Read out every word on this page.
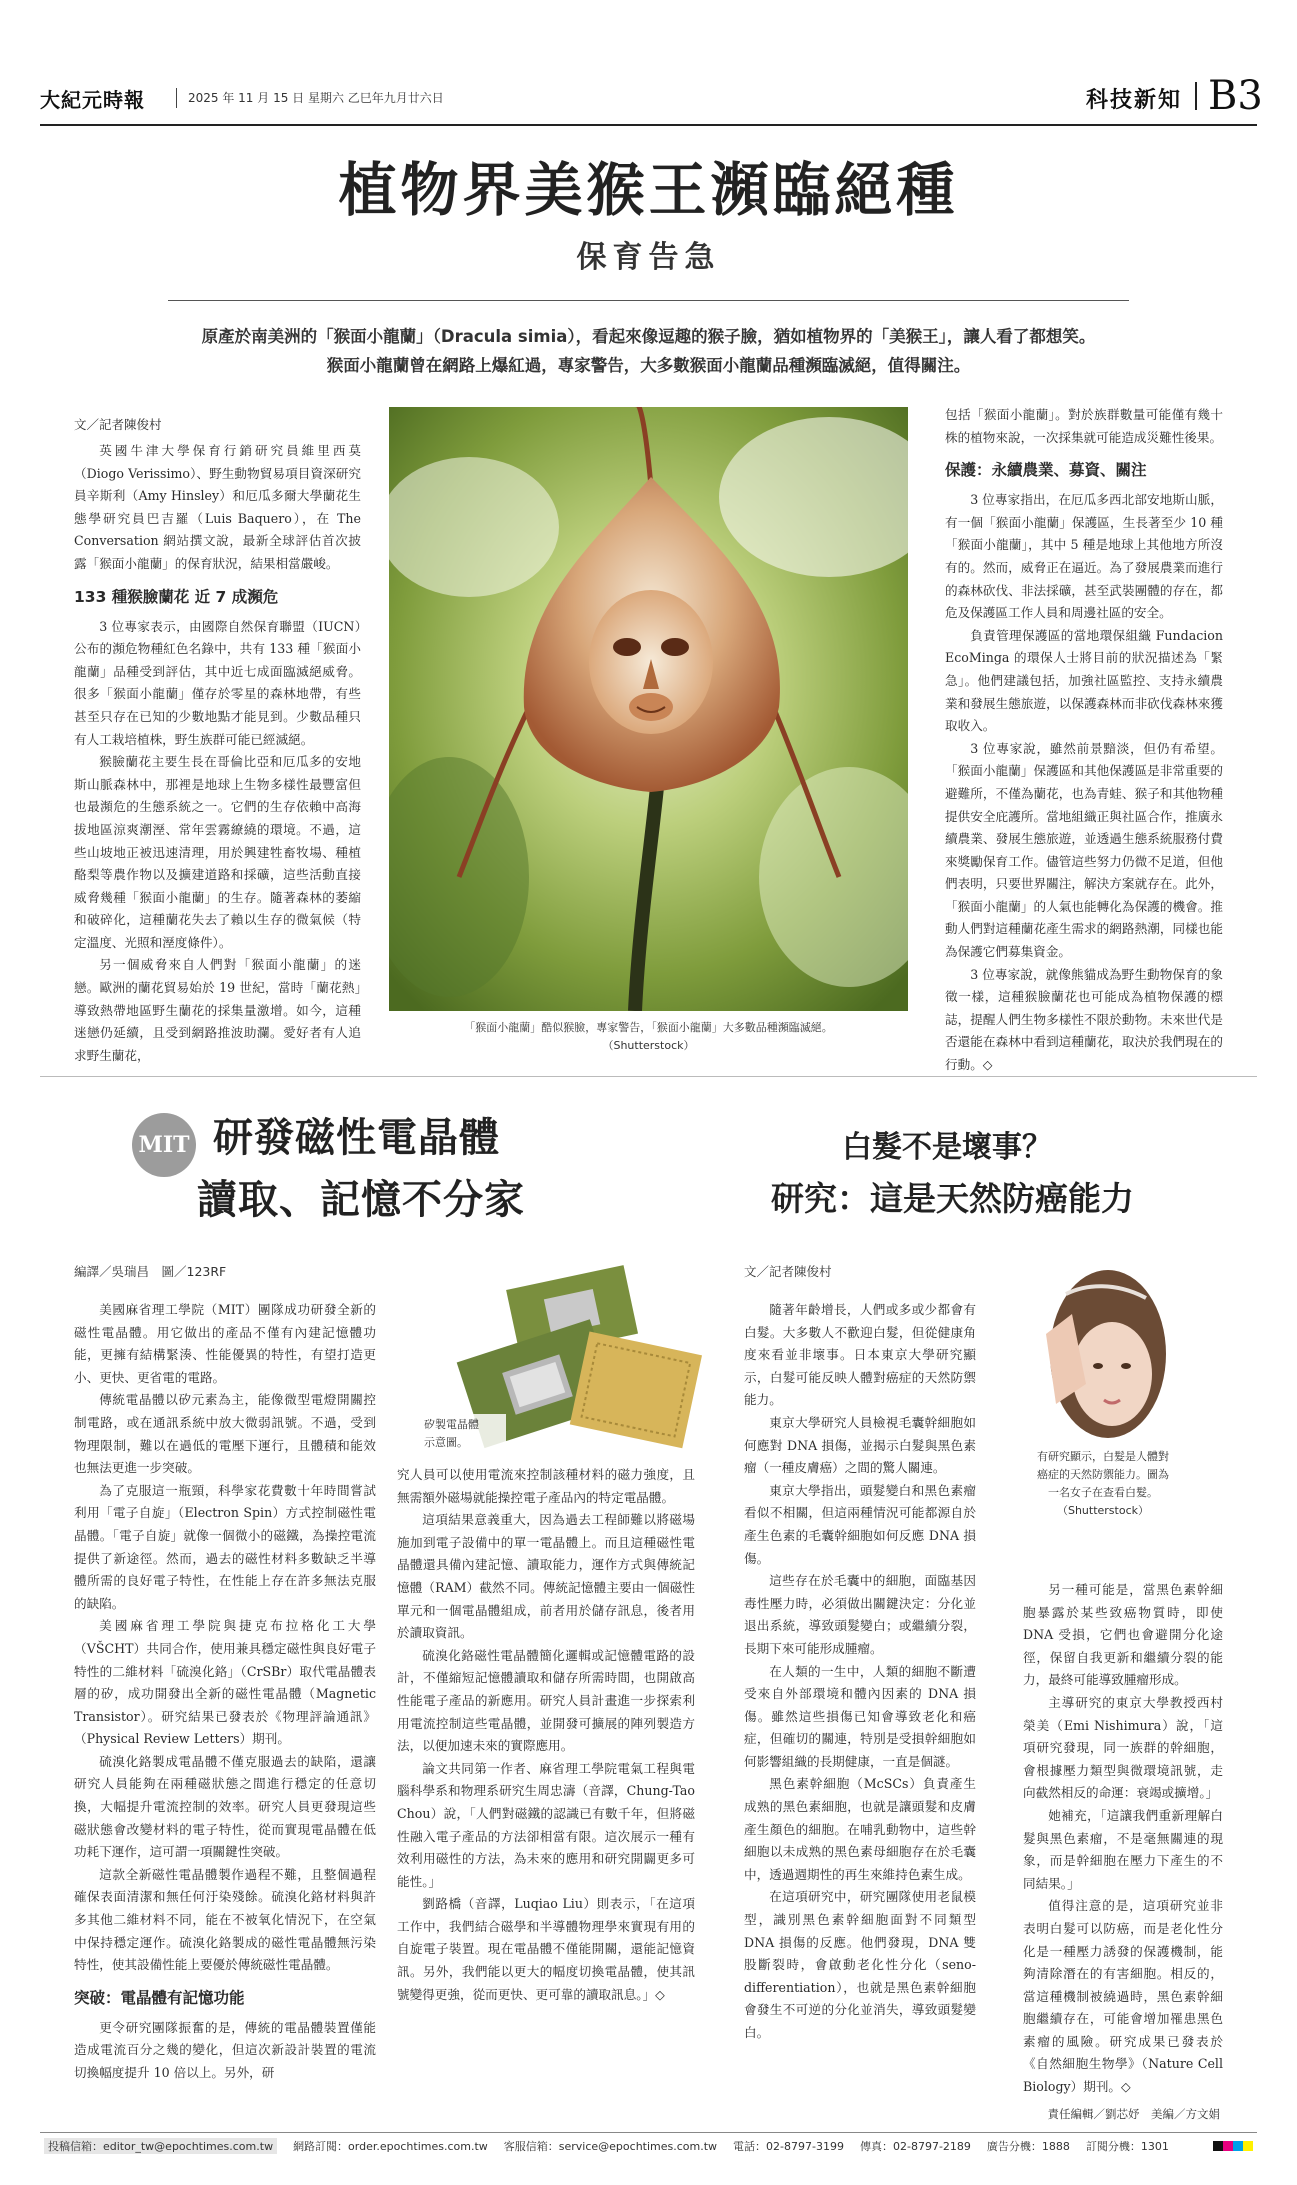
大紀元時報	2025 年 11 月 15 日 星期六 乙巳年九月廿六日	科技新知 B3
植物界美猴王瀕臨絕種
保育告急
原產於南美洲的「猴面小龍蘭」（Dracula simia），看起來像逗趣的猴子臉，猶如植物界的「美猴王」，讓人看了都想笑。
猴面小龍蘭曾在網路上爆紅過，專家警告，大多數猴面小龍蘭品種瀕臨滅絕，值得關注。
文／記者陳俊村

英國牛津大學保育行銷研究員維里西莫（Diogo Verissimo）、野生動物貿易項目資深研究員辛斯利（Amy Hinsley）和厄瓜多爾大學蘭花生態學研究員巴吉羅（Luis Baquero），在 The Conversation 網站撰文說，最新全球評估首次披露「猴面小龍蘭」的保育狀況，結果相當嚴峻。

133 種猴臉蘭花 近 7 成瀕危

3 位專家表示，由國際自然保育聯盟（IUCN）公布的瀕危物種紅色名錄中，共有 133 種「猴面小龍蘭」品種受到評估，其中近七成面臨滅絕威脅。很多「猴面小龍蘭」僅存於零星的森林地帶，有些甚至只存在已知的少數地點才能見到。少數品種只有人工栽培植株，野生族群可能已經滅絕。

猴臉蘭花主要生長在哥倫比亞和厄瓜多的安地斯山脈森林中，那裡是地球上生物多樣性最豐富但也最瀕危的生態系統之一。它們的生存依賴中高海拔地區涼爽潮溼、常年雲霧繚繞的環境。不過，這些山坡地正被迅速清理，用於興建牲畜牧場、種植酪梨等農作物以及擴建道路和採礦，這些活動直接威脅幾種「猴面小龍蘭」的生存。隨著森林的萎縮和破碎化，這種蘭花失去了賴以生存的微氣候（特定溫度、光照和溼度條件）。

另一個威脅來自人們對「猴面小龍蘭」的迷戀。歐洲的蘭花貿易始於 19 世紀，當時「蘭花熱」導致熱帶地區野生蘭花的採集量激增。如今，這種迷戀仍延續，且受到網路推波助瀾。愛好者有人追求野生蘭花，

「猴面小龍蘭」酷似猴臉，專家警告，「猴面小龍蘭」大多數品種瀕臨滅絕。
（Shutterstock）

包括「猴面小龍蘭」。對於族群數量可能僅有幾十株的植物來說，一次採集就可能造成災難性後果。

保護：永續農業、募資、關注

3 位專家指出，在厄瓜多西北部安地斯山脈，有一個「猴面小龍蘭」保護區，生長著至少 10 種「猴面小龍蘭」，其中 5 種是地球上其他地方所沒有的。然而，威脅正在逼近。為了發展農業而進行的森林砍伐、非法採礦，甚至武裝團體的存在，都危及保護區工作人員和周邊社區的安全。

負責管理保護區的當地環保組織 Fundacion EcoMinga 的環保人士將目前的狀況描述為「緊急」。他們建議包括，加強社區監控、支持永續農業和發展生態旅遊，以保護森林而非砍伐森林來獲取收入。

3 位專家說，雖然前景黯淡，但仍有希望。「猴面小龍蘭」保護區和其他保護區是非常重要的避難所，不僅為蘭花，也為青蛙、猴子和其他物種提供安全庇護所。當地組織正與社區合作，推廣永續農業、發展生態旅遊，並透過生態系統服務付費來獎勵保育工作。儘管這些努力仍微不足道，但他們表明，只要世界關注，解決方案就存在。此外，「猴面小龍蘭」的人氣也能轉化為保護的機會。推動人們對這種蘭花產生需求的網路熱潮，同樣也能為保護它們募集資金。

3 位專家說，就像熊貓成為野生動物保育的象徵一樣，這種猴臉蘭花也可能成為植物保護的標誌，提醒人們生物多樣性不限於動物。未來世代是否還能在森林中看到這種蘭花，取決於我們現在的行動。◇

MIT 研發磁性電晶體
讀取、記憶不分家
編譯／吳瑞昌　圖／123RF
矽製電晶體
示意圖。

美國麻省理工學院（MIT）團隊成功研發全新的磁性電晶體。用它做出的產品不僅有內建記憶體功能，更擁有結構緊湊、性能優異的特性，有望打造更小、更快、更省電的電路。

傳統電晶體以矽元素為主，能像微型電燈開關控制電路，或在通訊系統中放大微弱訊號。不過，受到物理限制，難以在過低的電壓下運行，且體積和能效也無法更進一步突破。

為了克服這一瓶頸，科學家花費數十年時間嘗試利用「電子自旋」（Electron Spin）方式控制磁性電晶體。「電子自旋」就像一個微小的磁鐵，為操控電流提供了新途徑。然而，過去的磁性材料多數缺乏半導體所需的良好電子特性，在性能上存在許多無法克服的缺陷。

美國麻省理工學院與捷克布拉格化工大學（VŠCHT）共同合作，使用兼具穩定磁性與良好電子特性的二維材料「硫溴化鉻」（CrSBr）取代電晶體表層的矽，成功開發出全新的磁性電晶體（Magnetic Transistor）。研究結果已發表於《物理評論通訊》（Physical Review Letters）期刊。

硫溴化鉻製成電晶體不僅克服過去的缺陷，還讓研究人員能夠在兩種磁狀態之間進行穩定的任意切換，大幅提升電流控制的效率。研究人員更發現這些磁狀態會改變材料的電子特性，從而實現電晶體在低功耗下運作，這可謂一項關鍵性突破。

這款全新磁性電晶體製作過程不難，且整個過程確保表面清潔和無任何汙染殘餘。硫溴化鉻材料與許多其他二維材料不同，能在不被氧化情況下，在空氣中保持穩定運作。硫溴化鉻製成的磁性電晶體無污染特性，使其設備性能上要優於傳統磁性電晶體。

突破：電晶體有記憶功能

更令研究團隊振奮的是，傳統的電晶體裝置僅能造成電流百分之幾的變化，但這次新設計裝置的電流切換幅度提升 10 倍以上。另外，研

究人員可以使用電流來控制該種材料的磁力強度，且無需額外磁場就能操控電子產品內的特定電晶體。

這項結果意義重大，因為過去工程師難以將磁場施加到電子設備中的單一電晶體上。而且這種磁性電晶體還具備內建記憶、讀取能力，運作方式與傳統記憶體（RAM）截然不同。傳統記憶體主要由一個磁性單元和一個電晶體組成，前者用於儲存訊息，後者用於讀取資訊。

硫溴化鉻磁性電晶體簡化邏輯或記憶體電路的設計，不僅縮短記憶體讀取和儲存所需時間，也開啟高性能電子產品的新應用。研究人員計畫進一步探索利用電流控制這些電晶體，並開發可擴展的陣列製造方法，以便加速未來的實際應用。

論文共同第一作者、麻省理工學院電氣工程與電腦科學系和物理系研究生周忠濤（音譯，Chung-Tao Chou）說，「人們對磁鐵的認識已有數千年，但將磁性融入電子產品的方法卻相當有限。這次展示一種有效利用磁性的方法，為未來的應用和研究開闢更多可能性。」

劉路橋（音譯，Luqiao Liu）則表示，「在這項工作中，我們結合磁學和半導體物理學來實現有用的自旋電子裝置。現在電晶體不僅能開關，還能記憶資訊。另外，我們能以更大的幅度切換電晶體，使其訊號變得更強，從而更快、更可靠的讀取訊息。」◇

白髮不是壞事？
研究：這是天然防癌能力
文／記者陳俊村
有研究顯示，白髮是人體對
癌症的天然防禦能力。圖為
一名女子在查看白髮。
（Shutterstock）

隨著年齡增長，人們或多或少都會有白髮。大多數人不歡迎白髮，但從健康角度來看並非壞事。日本東京大學研究顯示，白髮可能反映人體對癌症的天然防禦能力。

東京大學研究人員檢視毛囊幹細胞如何應對 DNA 損傷，並揭示白髮與黑色素瘤（一種皮膚癌）之間的驚人關連。

東京大學指出，頭髮變白和黑色素瘤看似不相關，但這兩種情況可能都源自於產生色素的毛囊幹細胞如何反應 DNA 損傷。

這些存在於毛囊中的細胞，面臨基因毒性壓力時，必須做出關鍵決定：分化並退出系統，導致頭髮變白；或繼續分裂，長期下來可能形成腫瘤。

在人類的一生中，人類的細胞不斷遭受來自外部環境和體內因素的 DNA 損傷。雖然這些損傷已知會導致老化和癌症，但確切的關連，特別是受損幹細胞如何影響組織的長期健康，一直是個謎。

黑色素幹細胞（McSCs）負責產生成熟的黑色素細胞，也就是讓頭髮和皮膚產生顏色的細胞。在哺乳動物中，這些幹細胞以未成熟的黑色素母細胞存在於毛囊中，透過週期性的再生來維持色素生成。

在這項研究中，研究團隊使用老鼠模型，識別黑色素幹細胞面對不同類型 DNA 損傷的反應。他們發現，DNA 雙股斷裂時，會啟動老化性分化（seno-differentiation），也就是黑色素幹細胞會發生不可逆的分化並消失，導致頭髮變白。

另一種可能是，當黑色素幹細胞暴露於某些致癌物質時，即使 DNA 受損，它們也會避開分化途徑，保留自我更新和繼續分裂的能力，最終可能導致腫瘤形成。

主導研究的東京大學教授西村榮美（Emi Nishimura）說，「這項研究發現，同一族群的幹細胞，會根據壓力類型與微環境訊號，走向截然相反的命運：衰竭或擴增。」

她補充，「這讓我們重新理解白髮與黑色素瘤，不是毫無關連的現象，而是幹細胞在壓力下產生的不同結果。」

值得注意的是，這項研究並非表明白髮可以防癌，而是老化性分化是一種壓力誘發的保護機制，能夠清除潛在的有害細胞。相反的，當這種機制被繞過時，黑色素幹細胞繼續存在，可能會增加罹患黑色素瘤的風險。研究成果已發表於《自然細胞生物學》（Nature Cell Biology）期刊。◇

責任編輯／劉芯妤　美編／方文娟
投稿信箱：editor_tw@epochtimes.com.tw	網路訂閱：order.epochtimes.com.tw 客服信箱：service@epochtimes.com.tw 電話：02-8797-3199 傳真：02-8797-2189 廣告分機：1888 訂閱分機：1301
